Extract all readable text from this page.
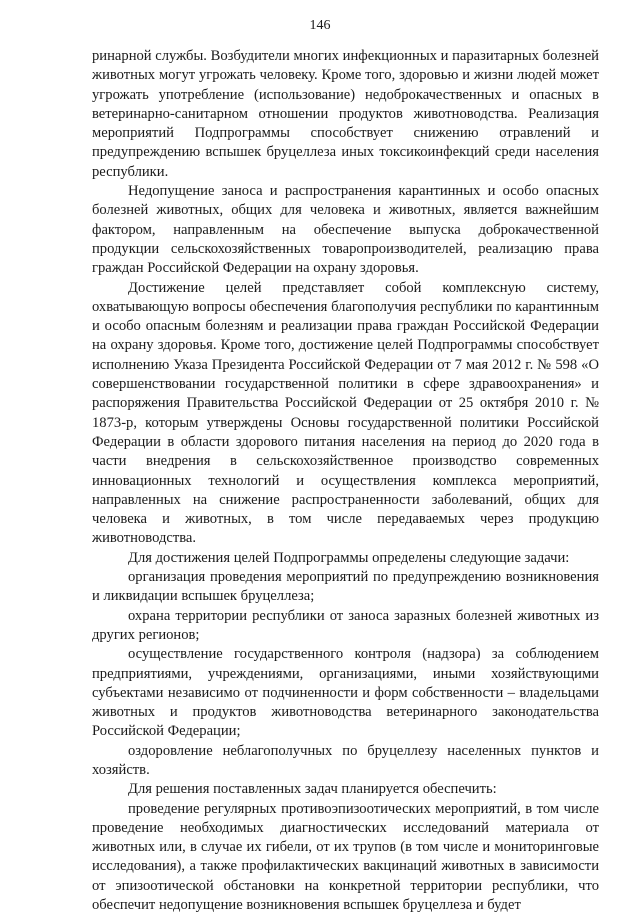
146

ринарной службы. Возбудители многих инфекционных и паразитарных болезней животных могут угрожать человеку. Кроме того, здоровью и жизни людей может угрожать употребление (использование) недоброкачественных и опасных в ветеринарно-санитарном отношении продуктов животноводства. Реализация мероприятий Подпрограммы способствует снижению отравлений и предупреждению вспышек бруцеллеза иных токсикоинфекций среди населения республики.

Недопущение заноса и распространения карантинных и особо опасных болезней животных, общих для человека и животных, является важнейшим фактором, направленным на обеспечение выпуска доброкачественной продукции сельскохозяйственных товаропроизводителей, реализацию права граждан Российской Федерации на охрану здоровья.

Достижение целей представляет собой комплексную систему, охватывающую вопросы обеспечения благополучия республики по карантинным и особо опасным болезням и реализации права граждан Российской Федерации на охрану здоровья. Кроме того, достижение целей Подпрограммы способствует исполнению Указа Президента Российской Федерации от 7 мая 2012 г. № 598 «О совершенствовании государственной политики в сфере здравоохранения» и распоряжения Правительства Российской Федерации от 25 октября 2010 г. № 1873-р, которым утверждены Основы государственной политики Российской Федерации в области здорового питания населения на период до 2020 года в части внедрения в сельскохозяйственное производство современных инновационных технологий и осуществления комплекса мероприятий, направленных на снижение распространенности заболеваний, общих для человека и животных, в том числе передаваемых через продукцию животноводства.

Для достижения целей Подпрограммы определены следующие задачи:

организация проведения мероприятий по предупреждению возникновения и ликвидации вспышек бруцеллеза;

охрана территории республики от заноса заразных болезней животных из других регионов;

осуществление государственного контроля (надзора) за соблюдением предприятиями, учреждениями, организациями, иными хозяйствующими субъектами независимо от подчиненности и форм собственности – владельцами животных и продуктов животноводства ветеринарного законодательства Российской Федерации;

оздоровление неблагополучных по бруцеллезу населенных пунктов и хозяйств.

Для решения поставленных задач планируется обеспечить:

проведение регулярных противоэпизоотических мероприятий, в том числе проведение необходимых диагностических исследований материала от животных или, в случае их гибели, от их трупов (в том числе и мониторинговые исследования), а также профилактических вакцинаций животных в зависимости от эпизоотической обстановки на конкретной территории республики, что обеспечит недопущение возникновения вспышек бруцеллеза и будет
